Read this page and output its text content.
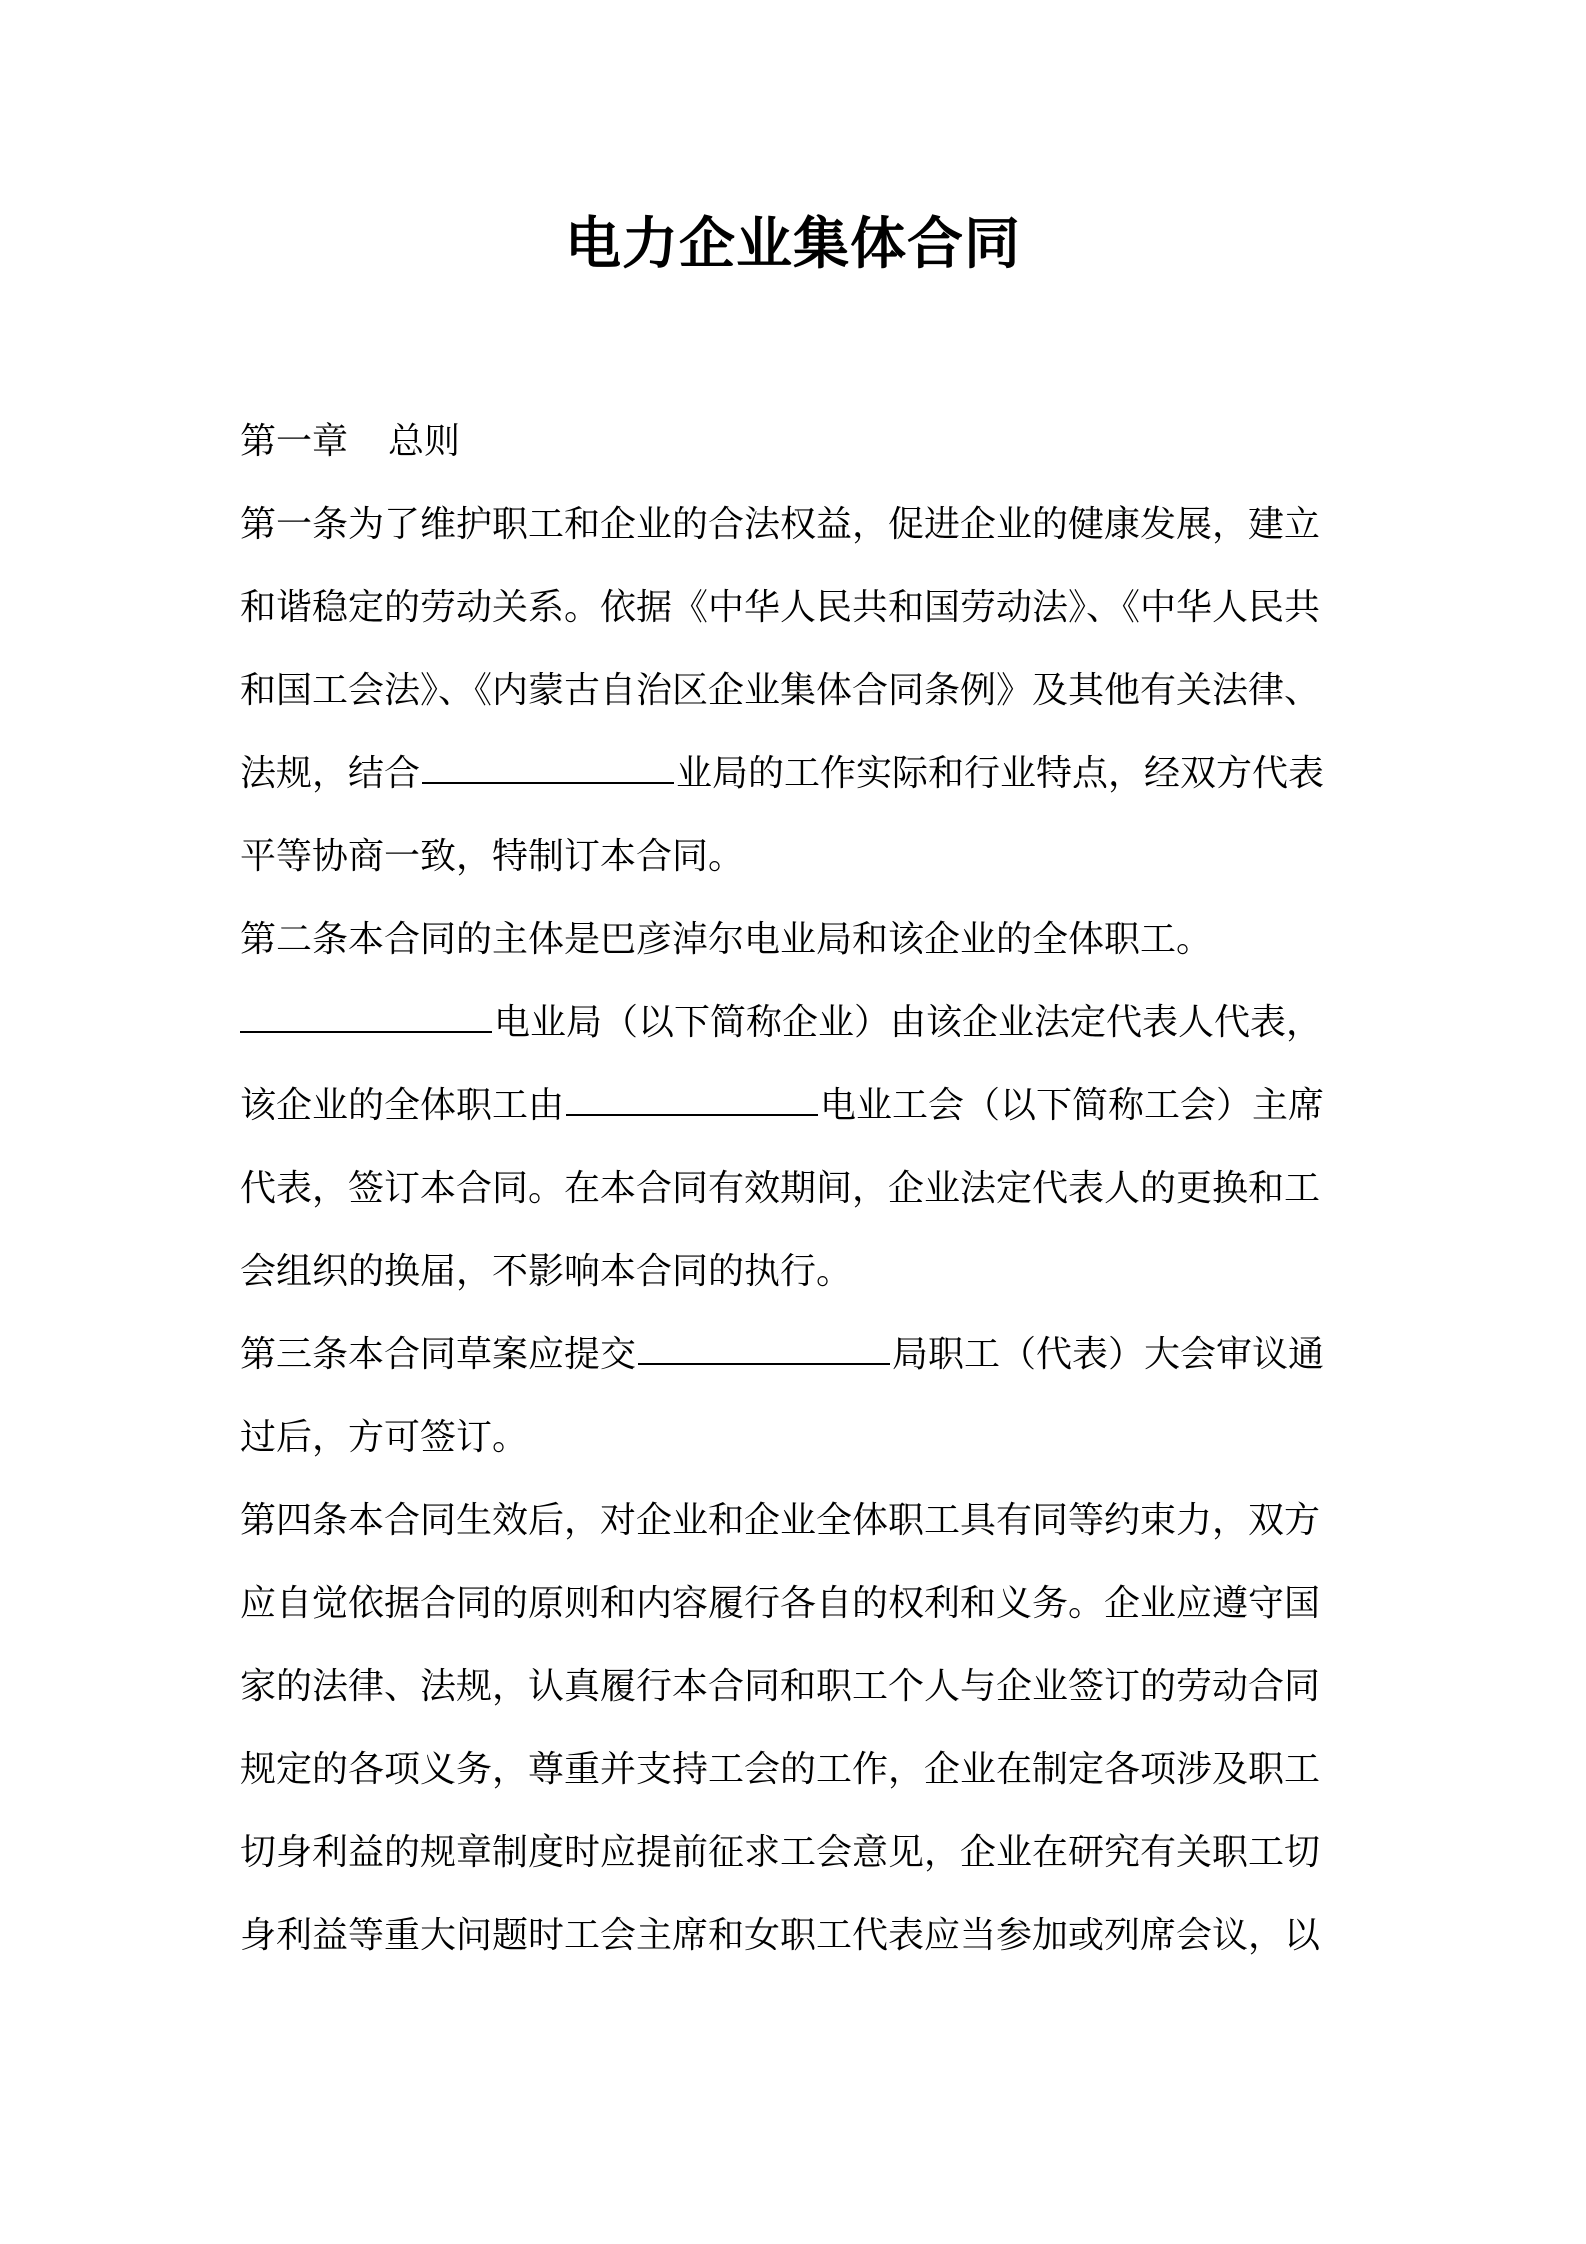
电力企业集体合同
第一章 总则
第一条为了维护职工和企业的合法权益，促进企业的健康发展，建立
和谐稳定的劳动关系。依据《中华人民共和国劳动法》、《中华人民共
和国工会法》、《内蒙古自治区企业集体合同条例》及其他有关法律、
法规，结合	业局的工作实际和行业特点，经双方代表
平等协商一致，特制订本合同。
第二条本合同的主体是巴彦淖尔电业局和该企业的全体职工。
电业局（以下简称企业）由该企业法定代表人代表，
该企业的全体职工由	电业工会（以下简称工会）主席
代表，签订本合同。在本合同有效期间，企业法定代表人的更换和工
会组织的换届，不影响本合同的执行。
第三条本合同草案应提交	局职工（代表）大会审议通
过后，方可签订。
第四条本合同生效后，对企业和企业全体职工具有同等约束力，双方
应自觉依据合同的原则和内容履行各自的权利和义务。企业应遵守国
家的法律、法规，认真履行本合同和职工个人与企业签订的劳动合同
规定的各项义务，尊重并支持工会的工作，企业在制定各项涉及职工
切身利益的规章制度时应提前征求工会意见，企业在研究有关职工切
身利益等重大问题时工会主席和女职工代表应当参加或列席会议，以
